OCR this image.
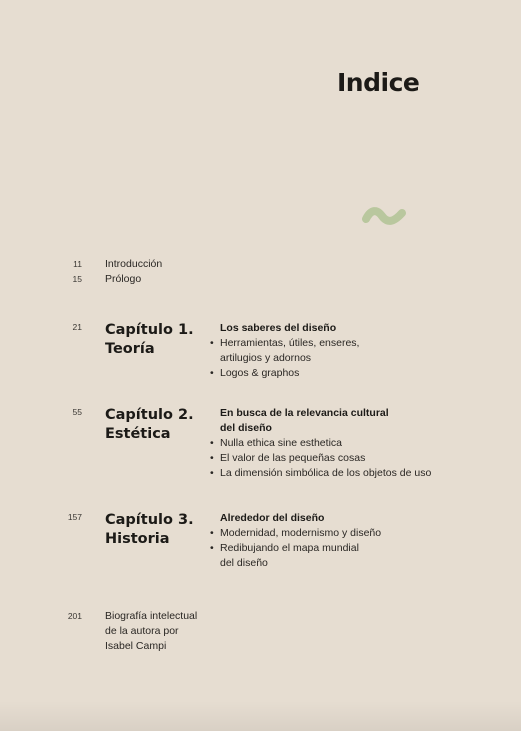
Indice
11 Introducción
15 Prólogo
21 Capítulo 1.
Teoría
Los saberes del diseño
• Herramientas, útiles, enseres,
artilugios y adornos
• Logos & graphos
55 Capítulo 2.
Estética
En busca de la relevancia cultural
del diseño
• Nulla ethica sine esthetica
• El valor de las pequeñas cosas
• La dimensión simbólica de los objetos de uso
157 Capítulo 3.
Historia
Alrededor del diseño
• Modernidad, modernismo y diseño
• Redibujando el mapa mundial
del diseño
201 Biografía intelectual
de la autora por
Isabel Campi
